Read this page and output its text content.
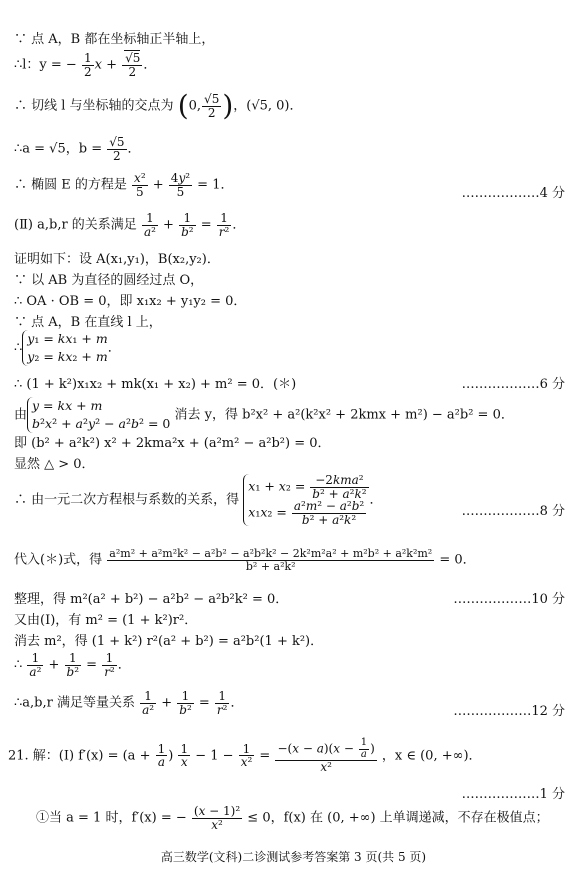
∵ 点 A，B 都在坐标轴正半轴上，
∴l：y = − $\frac{1}{2}$ $x + \frac{√5}{2}$ ．
∴ 切线 l 与坐标轴的交点为 (0, $\frac{√5}{2}$ )，(√5, 0)．
∴a = √5，$b = \frac{√5}{2}$ ．
∴ 椭圆 E 的方程是 $\frac{\text{x²}}{5} + \frac{\text{4y²}}{5} = 1$．
………………4 分
(Ⅱ) a,b,r 的关系满足 $\frac{1}{\text{a²}} + \frac{1}{\text{b²}} = \frac{1}{\text{r²}}$ ．
证明如下：设 A(x₁,y₁)，B(x₂,y₂)．
∵ 以 AB 为直径的圆经过点 O，
∴ OA · OB = 0，即 x₁x₂ + y₁y₂ = 0．
∵ 点 A，B 在直线 l 上，
∴y₁ = kx₁ + m
y₂ = kx₂ + m．
∴ (1 + k²)x₁x₂ + mk(x₁ + x₂) + m² = 0．(＊)	………………6 分
由y = kx + m
b²x² + a²y² − a²b² = 0 消去 y，得 b²x² + a²(k²x² + 2kmx + m²) − a²b² = 0．
即 (b² + a²k²) x² + 2kma²x + (a²m² − a²b²) = 0．
显然 △ > 0．
∴ 由一元二次方程根与系数的关系，得 x₁ + x₂ = −2kma²
b² + a²k²

$x_1x_2 = \frac{\text{a²m² − a²b²}}{\text{b² + a²k²}}$ ．
………………8 分
代入(＊)式，得 $\frac{\text{a²m² + a²m²k² − a²b² − a²b²k² − 2k²m²a² + m²b² + a²k²m²}}{\text{b² + a²k²}} = 0$．
整理，得 m²(a² + b²) − a²b² − a²b²k² = 0．	………………10 分
又由(Ⅰ)，有 m² = (1 + k²)r²．
消去 m²，得 (1 + k²) r²(a² + b²) = a²b²(1 + k²)．
∴ $\frac{1}{\text{a²}} + \frac{1}{\text{b²}} = \frac{1}{\text{r²}}$ ．
∴a,b,r 满足等量关系 $\frac{1}{\text{a²}} + \frac{1}{\text{b²}} = \frac{1}{\text{r²}}$ ．
………………12 分
21. 解：(Ⅰ) $f'(x) = (a + \frac{1}{a}$ ) $\frac{1}{x} - 1 - \frac{1}{\text{x²}} = \frac{-(x - a)(x - \frac{1}{a} )}{\text{x²}}$ ，x ∈ (0, +∞)．
………………1 分
①当 a = 1 时，f′(x) = − $\frac{\text{(x − 1)²}}{\text{x²}} \le 0$，f(x) 在 (0, +∞) 上单调递减，不存在极值点；
高三数学(文科)二诊测试参考答案第 3 页(共 5 页)
